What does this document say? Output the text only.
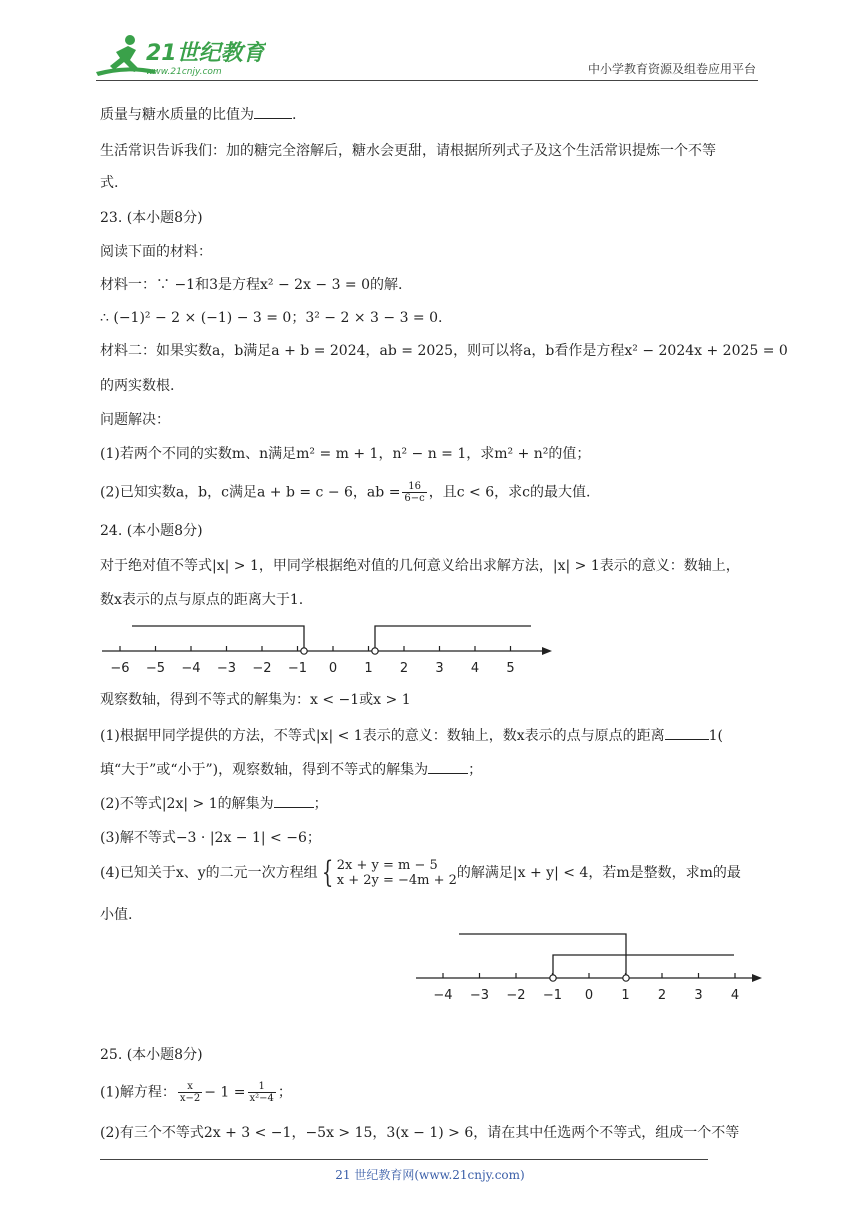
21世纪教育
www.21cnjy.com	中小学教育资源及组卷应用平台
质量与糖水质量的比值为	.
生活常识告诉我们：加的糖完全溶解后，糖水会更甜，请根据所列式子及这个生活常识提炼一个不等
式.
23. (本小题8分)
阅读下面的材料：
材料一：∵ −1和3是方程x² − 2x − 3 = 0的解.
∴ (−1)² − 2 × (−1) − 3 = 0；3² − 2 × 3 − 3 = 0.
材料二：如果实数a，b满足a + b = 2024，ab = 2025，则可以将a，b看作是方程x² − 2024x + 2025 = 0
的两实数根.
问题解决：
(1)若两个不同的实数m、n满足m² = m + 1，n² − n = 1，求m² + n²的值；
(2)已知实数a，b，c满足a + b = c − 6，ab = $\frac{16}{6-c}$ ，且c < 6，求c的最大值.
24. (本小题8分)
对于绝对值不等式|x| > 1，甲同学根据绝对值的几何意义给出求解方法，|x| > 1表示的意义：数轴上，
数x表示的点与原点的距离大于1.
−6 −5 −4 −3 −2 −1 0 1 2 3 4 5
观察数轴，得到不等式的解集为：x < −1或x > 1
(1)根据甲同学提供的方法，不等式|x| < 1表示的意义：数轴上，数x表示的点与原点的距离	1(
填“大于”或“小于”)，观察数轴，得到不等式的解集为	；
(2)不等式|2x| > 1的解集为	；
(3)解不等式−3 · |2x − 1| < −6；
(4)已知关于x、y的二元一次方程组 { 2x + y = m − 5
x + 2y = −4m + 2 的解满足|x + y| < 4，若m是整数，求m的最
小值.
−4 −3 −2 −1 0 1 2 3 4
25. (本小题8分)
(1)解方程： $\frac{x}{x-2} - 1 = \frac{1}{\text{x²−4}}$ ；
(2)有三个不等式2x + 3 < −1，−5x > 15，3(x − 1) > 6，请在其中任选两个不等式，组成一个不等
21 世纪教育网(www.21cnjy.com)
